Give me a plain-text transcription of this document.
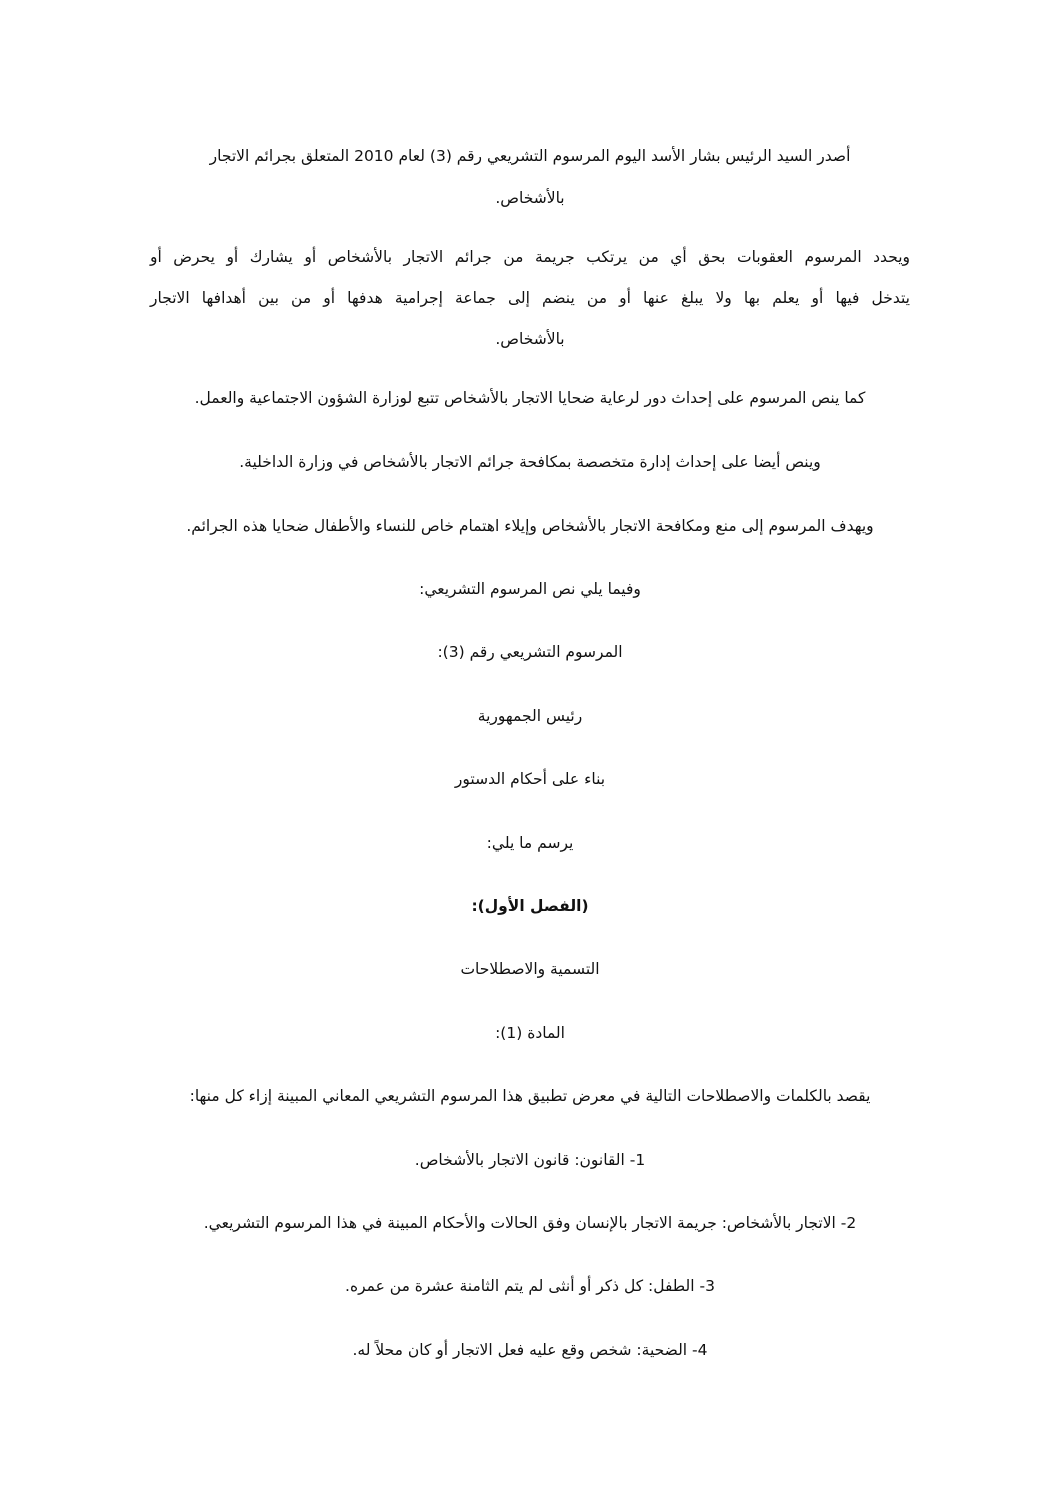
أصدر السيد الرئيس بشار الأسد اليوم المرسوم التشريعي رقم (3) لعام 2010 المتعلق بجرائم الاتجار
بالأشخاص.
ويحدد المرسوم العقوبات بحق أي من يرتكب جريمة من جرائم الاتجار بالأشخاص أو يشارك أو يحرض أو
يتدخل فيها أو يعلم بها ولا يبلغ عنها أو من ينضم إلى جماعة إجرامية هدفها أو من بين أهدافها الاتجار
بالأشخاص.
كما ينص المرسوم على إحداث دور لرعاية ضحايا الاتجار بالأشخاص تتبع لوزارة الشؤون الاجتماعية والعمل.
وينص أيضا على إحداث إدارة متخصصة بمكافحة جرائم الاتجار بالأشخاص في وزارة الداخلية.
ويهدف المرسوم إلى منع ومكافحة الاتجار بالأشخاص وإيلاء اهتمام خاص للنساء والأطفال ضحايا هذه الجرائم.
وفيما يلي نص المرسوم التشريعي:
المرسوم التشريعي رقم (3):
رئيس الجمهورية
بناء على أحكام الدستور
يرسم ما يلي:
(الفصل الأول):
التسمية والاصطلاحات
المادة (1):
يقصد بالكلمات والاصطلاحات التالية في معرض تطبيق هذا المرسوم التشريعي المعاني المبينة إزاء كل منها:
1- القانون: قانون الاتجار بالأشخاص.
2- الاتجار بالأشخاص: جريمة الاتجار بالإنسان وفق الحالات والأحكام المبينة في هذا المرسوم التشريعي.
3- الطفل: كل ذكر أو أنثى لم يتم الثامنة عشرة من عمره.
4- الضحية: شخص وقع عليه فعل الاتجار أو كان محلاً له.
